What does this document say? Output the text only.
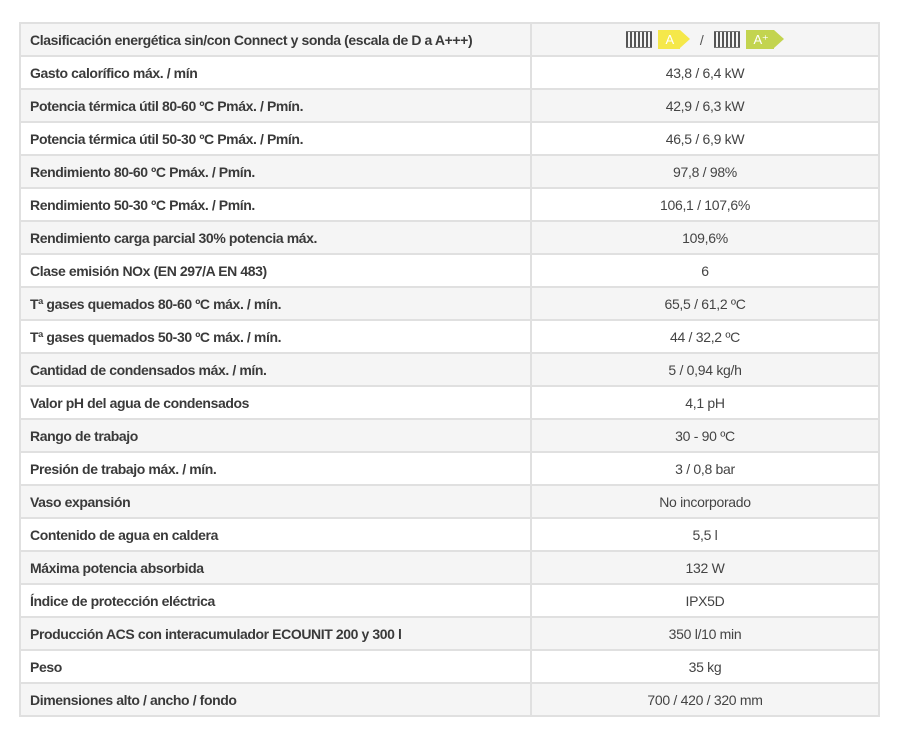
Clasificación energética sin/con Connect y sonda (escala de D a A+++)	A / A⁺

Gasto calorífico máx. / mín	43,8 / 6,4 kW
Potencia térmica útil 80-60 ºC Pmáx. / Pmín.	42,9 / 6,3 kW
Potencia térmica útil 50-30 ºC Pmáx. / Pmín.	46,5 / 6,9 kW
Rendimiento 80-60 ºC Pmáx. / Pmín.	97,8 / 98%
Rendimiento 50-30 ºC Pmáx. / Pmín.	106,1 / 107,6%
Rendimiento carga parcial 30% potencia máx.	109,6%
Clase emisión NOx (EN 297/A EN 483)	6
Tª gases quemados 80-60 ºC máx. / mín.	65,5 / 61,2 ºC
Tª gases quemados 50-30 ºC máx. / mín.	44 / 32,2 ºC
Cantidad de condensados máx. / mín.	5 / 0,94 kg/h
Valor pH del agua de condensados	4,1 pH
Rango de trabajo	30 - 90 ºC
Presión de trabajo máx. / mín.	3 / 0,8 bar
Vaso expansión	No incorporado
Contenido de agua en caldera	5,5 l
Máxima potencia absorbida	132 W
Índice de protección eléctrica	IPX5D
Producción ACS con interacumulador ECOUNIT 200 y 300 l	350 l/10 min
Peso	35 kg
Dimensiones alto / ancho / fondo	700 / 420 / 320 mm
